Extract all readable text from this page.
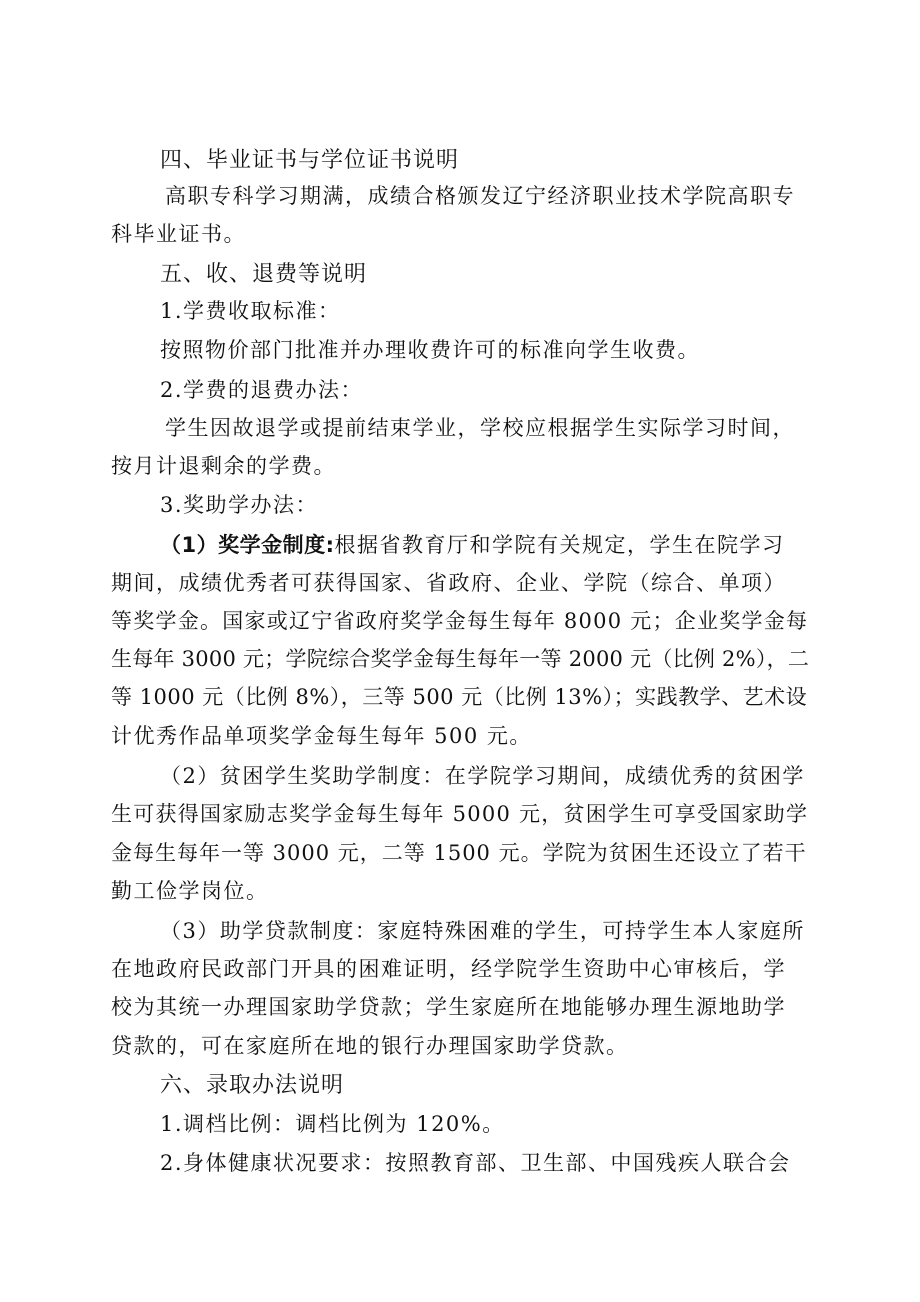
四、毕业证书与学位证书说明
高职专科学习期满，成绩合格颁发辽宁经济职业技术学院高职专
科毕业证书。
五、收、退费等说明
1.学费收取标准：
按照物价部门批准并办理收费许可的标准向学生收费。
2.学费的退费办法：
学生因故退学或提前结束学业，学校应根据学生实际学习时间，
按月计退剩余的学费。
3.奖助学办法：
（1）奖学金制度:根据省教育厅和学院有关规定，学生在院学习
期间，成绩优秀者可获得国家、省政府、企业、学院（综合、单项）
等奖学金。国家或辽宁省政府奖学金每生每年 8000 元；企业奖学金每
生每年 3000 元；学院综合奖学金每生每年一等 2000 元（比例 2%），二
等 1000 元（比例 8%），三等 500 元（比例 13%）；实践教学、艺术设
计优秀作品单项奖学金每生每年 500 元。
（2）贫困学生奖助学制度：在学院学习期间，成绩优秀的贫困学
生可获得国家励志奖学金每生每年 5000 元，贫困学生可享受国家助学
金每生每年一等 3000 元，二等 1500 元。学院为贫困生还设立了若干
勤工俭学岗位。
（3）助学贷款制度：家庭特殊困难的学生，可持学生本人家庭所
在地政府民政部门开具的困难证明，经学院学生资助中心审核后，学
校为其统一办理国家助学贷款；学生家庭所在地能够办理生源地助学
贷款的，可在家庭所在地的银行办理国家助学贷款。
六、录取办法说明
1.调档比例：调档比例为 120%。
2.身体健康状况要求：按照教育部、卫生部、中国残疾人联合会
